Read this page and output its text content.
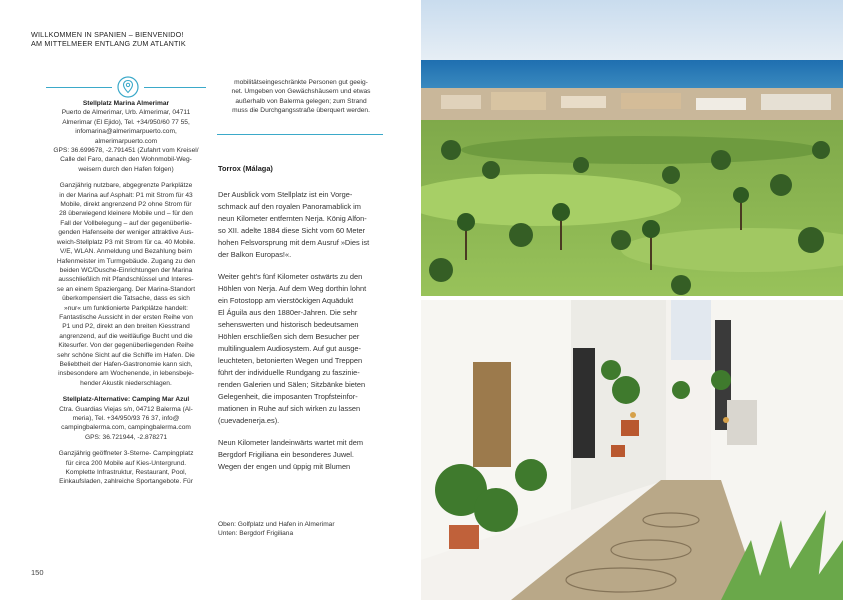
WILLKOMMEN IN SPANIEN – BIENVENIDO!
AM MITTELMEER ENTLANG ZUM ATLANTIK

Stellplatz Marina Almerimar

Puerto de Almerimar, Urb. Almerimar, 04711

Almerimar (El Ejido), Tel. +34/950/60 77 55,

infomarina@almerimarpuerto.com,

almerimarpuerto.com

GPS: 36.699678, -2.791451 (Zufahrt vom Kreisel/

Calle del Faro, danach den Wohnmobil-Weg-

weisern durch den Hafen folgen)

Ganzjährig nutzbare, abgegrenzte Parkplätze

in der Marina auf Asphalt: P1 mit Strom für 43

Mobile, direkt angrenzend P2 ohne Strom für

28 überwiegend kleinere Mobile und – für den

Fall der Vollbelegung – auf der gegenüberlie-

genden Hafenseite der weniger attraktive Aus-

weich-Stellplatz P3 mit Strom für ca. 40 Mobile.

V/E, WLAN. Anmeldung und Bezahlung beim

Hafenmeister im Turmgebäude. Zugang zu den

beiden WC/Dusche-Einrichtungen der Marina

ausschließlich mit Pfandschlüssel und Interes-

se an einem Spaziergang. Der Marina-Standort

überkompensiert die Tatsache, dass es sich

»nur« um funktionierte Parkplätze handelt:

Fantastische Aussicht in der ersten Reihe von

P1 und P2, direkt an den breiten Kiesstrand

angrenzend, auf die weitläufige Bucht und die

Kitesurfer. Von der gegenüberliegenden Reihe

sehr schöne Sicht auf die Schiffe im Hafen. Die

Beliebtheit der Hafen-Gastronomie kann sich,

insbesondere am Wochenende, in lebensbeje-

hender Akustik niederschlagen.

Stellplatz-Alternative: Camping Mar Azul

Ctra. Guardias Viejas s/n, 04712 Balerma (Al-

meria), Tel. +34/950/93 76 37, info@

campingbalerma.com, campingbalerma.com

GPS: 36.721944, -2.878271

Ganzjährig geöffneter 3-Sterne- Campingplatz

für circa 200 Mobile auf Kies-Untergrund.

Komplette Infrastruktur, Restaurant, Pool,

Einkaufsladen, zahlreiche Sportangebote. Für

mobilitätseingeschränkte Personen gut geeig-

net. Umgeben von Gewächshäusern und etwas

außerhalb von Balerma gelegen; zum Strand

muss die Durchgangsstraße überquert werden.

Torrox (Málaga)

Der Ausblick vom Stellplatz ist ein Vorge-
schmack auf den royalen Panoramablick im
neun Kilometer entfernten Nerja. König Alfon-
so XII. adelte 1884 diese Sicht vom 60 Meter
hohen Felsvorsprung mit dem Ausruf »Dies ist
der Balkon Europas!«.

Weiter geht's fünf Kilometer ostwärts zu den
Höhlen von Nerja. Auf dem Weg dorthin lohnt
ein Fotostopp am vierstöckigen Aquädukt
El Águila aus den 1880er-Jahren. Die sehr
sehenswerten und historisch bedeutsamen
Höhlen erschließen sich dem Besucher per
multilingualem Audiosystem. Auf gut ausge-
leuchteten, betonierten Wegen und Treppen
führt der individuelle Rundgang zu faszinie-
renden Galerien und Sälen; Sitzbänke bieten
Gelegenheit, die imposanten Tropfsteinfor-
mationen in Ruhe auf sich wirken zu lassen
(cuevadenerja.es).

Neun Kilometer landeinwärts wartet mit dem
Bergdorf Frigiliana ein besonderes Juwel.
Wegen der engen und üppig mit Blumen

Oben: Golfplatz und Hafen in Almerimar
Unten: Bergdorf Frigiliana
150
